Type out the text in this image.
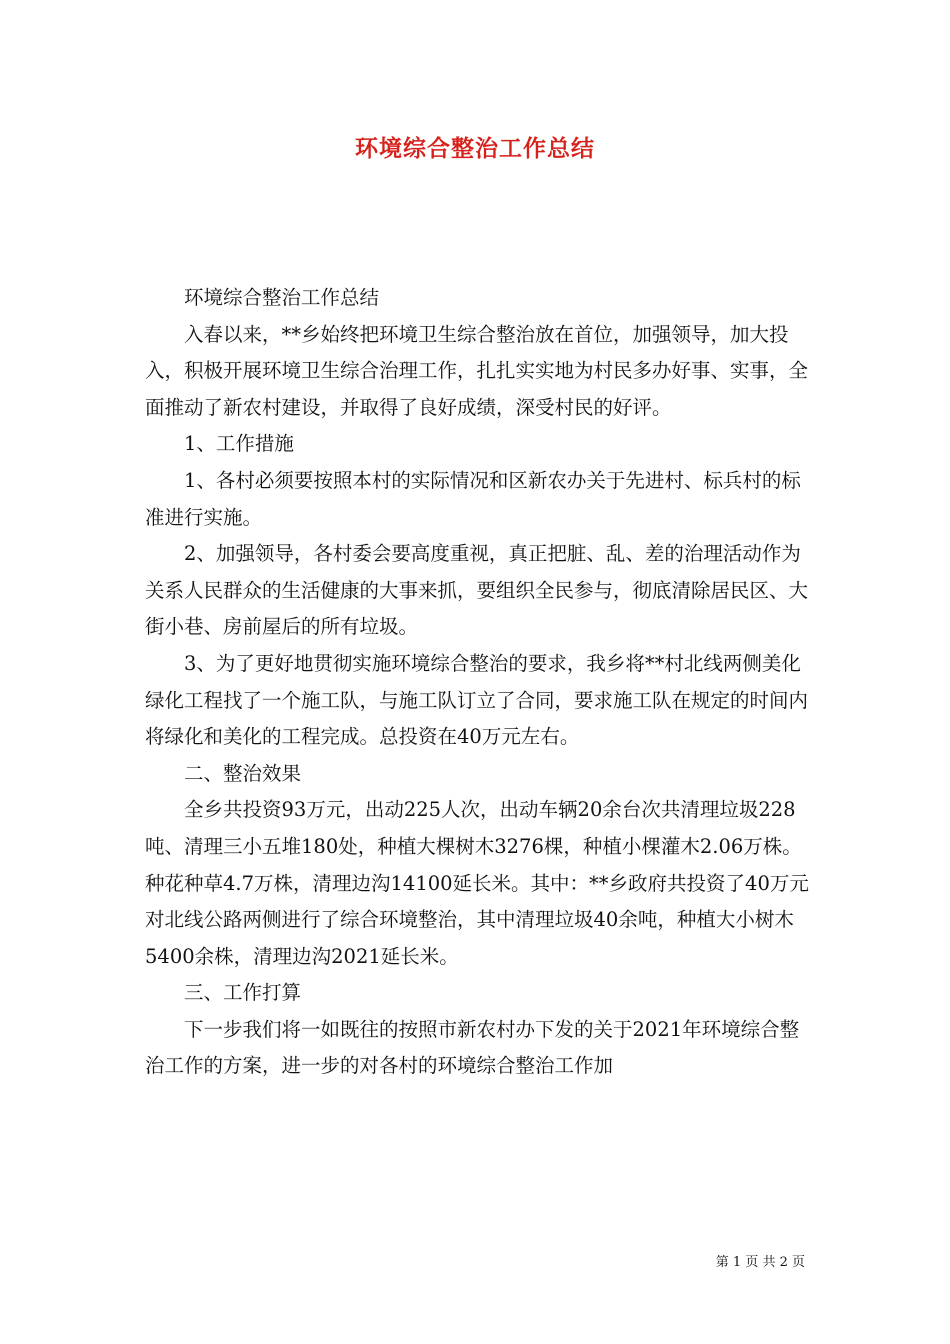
环境综合整治工作总结

环境综合整治工作总结

入春以来，**乡始终把环境卫生综合整治放在首位，加强领导，加大投入，积极开展环境卫生综合治理工作，扎扎实实地为村民多办好事、实事，全面推动了新农村建设，并取得了良好成绩，深受村民的好评。

1、工作措施

1、各村必须要按照本村的实际情况和区新农办关于先进村、标兵村的标准进行实施。

2、加强领导，各村委会要高度重视，真正把脏、乱、差的治理活动作为关系人民群众的生活健康的大事来抓，要组织全民参与，彻底清除居民区、大街小巷、房前屋后的所有垃圾。

3、为了更好地贯彻实施环境综合整治的要求，我乡将**村北线两侧美化绿化工程找了一个施工队，与施工队订立了合同，要求施工队在规定的时间内将绿化和美化的工程完成。总投资在40万元左右。

二、整治效果

全乡共投资93万元，出动225人次，出动车辆20余台次共清理垃圾228吨、清理三小五堆180处，种植大棵树木3276棵，种植小棵灌木2.06万株。种花种草4.7万株，清理边沟14100延长米。其中：**乡政府共投资了40万元对北线公路两侧进行了综合环境整治，其中清理垃圾40余吨，种植大小树木5400余株，清理边沟2021延长米。

三、工作打算

下一步我们将一如既往的按照市新农村办下发的关于2021年环境综合整治工作的方案，进一步的对各村的环境综合整治工作加

第 1 页 共 2 页
